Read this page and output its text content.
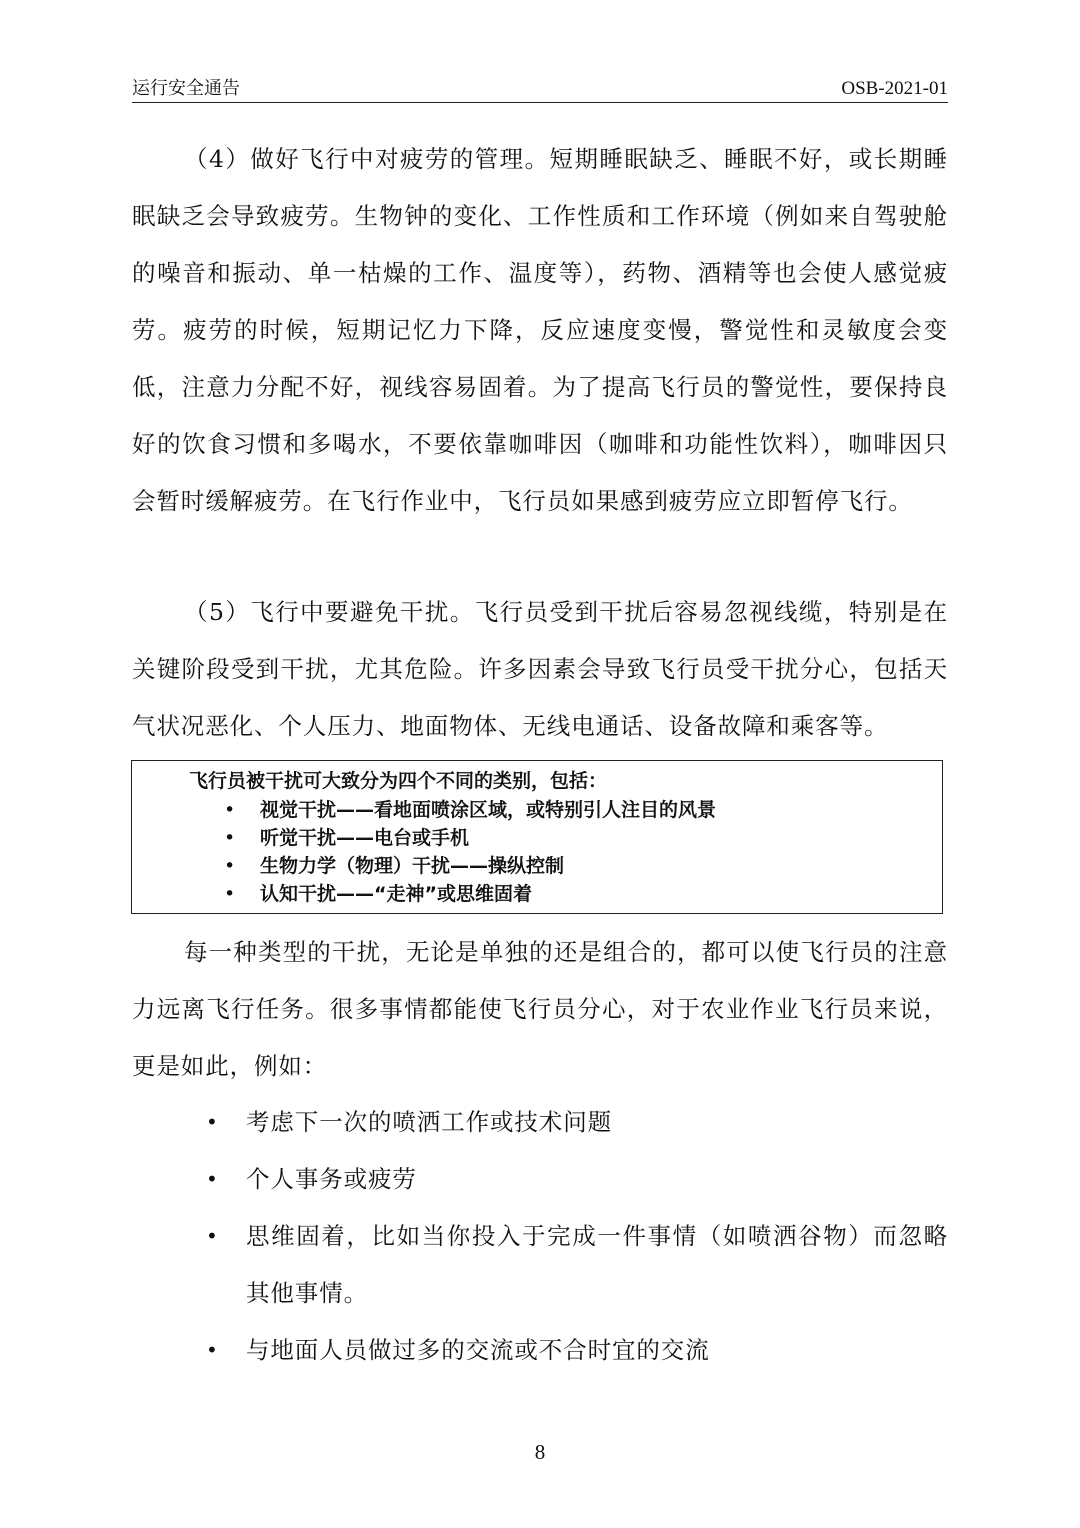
运行安全通告	OSB-2021-01

（4）做好飞行中对疲劳的管理。短期睡眠缺乏、睡眠不好，或长期睡眠缺乏会导致疲劳。生物钟的变化、工作性质和工作环境（例如来自驾驶舱的噪音和振动、单一枯燥的工作、温度等），药物、酒精等也会使人感觉疲劳。疲劳的时候，短期记忆力下降，反应速度变慢，警觉性和灵敏度会变低，注意力分配不好，视线容易固着。为了提高飞行员的警觉性，要保持良好的饮食习惯和多喝水，不要依靠咖啡因（咖啡和功能性饮料），咖啡因只会暂时缓解疲劳。在飞行作业中，飞行员如果感到疲劳应立即暂停飞行。

（5）飞行中要避免干扰。飞行员受到干扰后容易忽视线缆，特别是在关键阶段受到干扰，尤其危险。许多因素会导致飞行员受干扰分心，包括天气状况恶化、个人压力、地面物体、无线电通话、设备故障和乘客等。

飞行员被干扰可大致分为四个不同的类别，包括：
• 视觉干扰——看地面喷涂区域，或特别引人注目的风景
• 听觉干扰——电台或手机
• 生物力学（物理）干扰——操纵控制
• 认知干扰——“走神”或思维固着

每一种类型的干扰，无论是单独的还是组合的，都可以使飞行员的注意力远离飞行任务。很多事情都能使飞行员分心，对于农业作业飞行员来说，更是如此，例如：

• 考虑下一次的喷洒工作或技术问题
• 个人事务或疲劳
• 思维固着，比如当你投入于完成一件事情（如喷洒谷物）而忽略其他事情。
• 与地面人员做过多的交流或不合时宜的交流
8
